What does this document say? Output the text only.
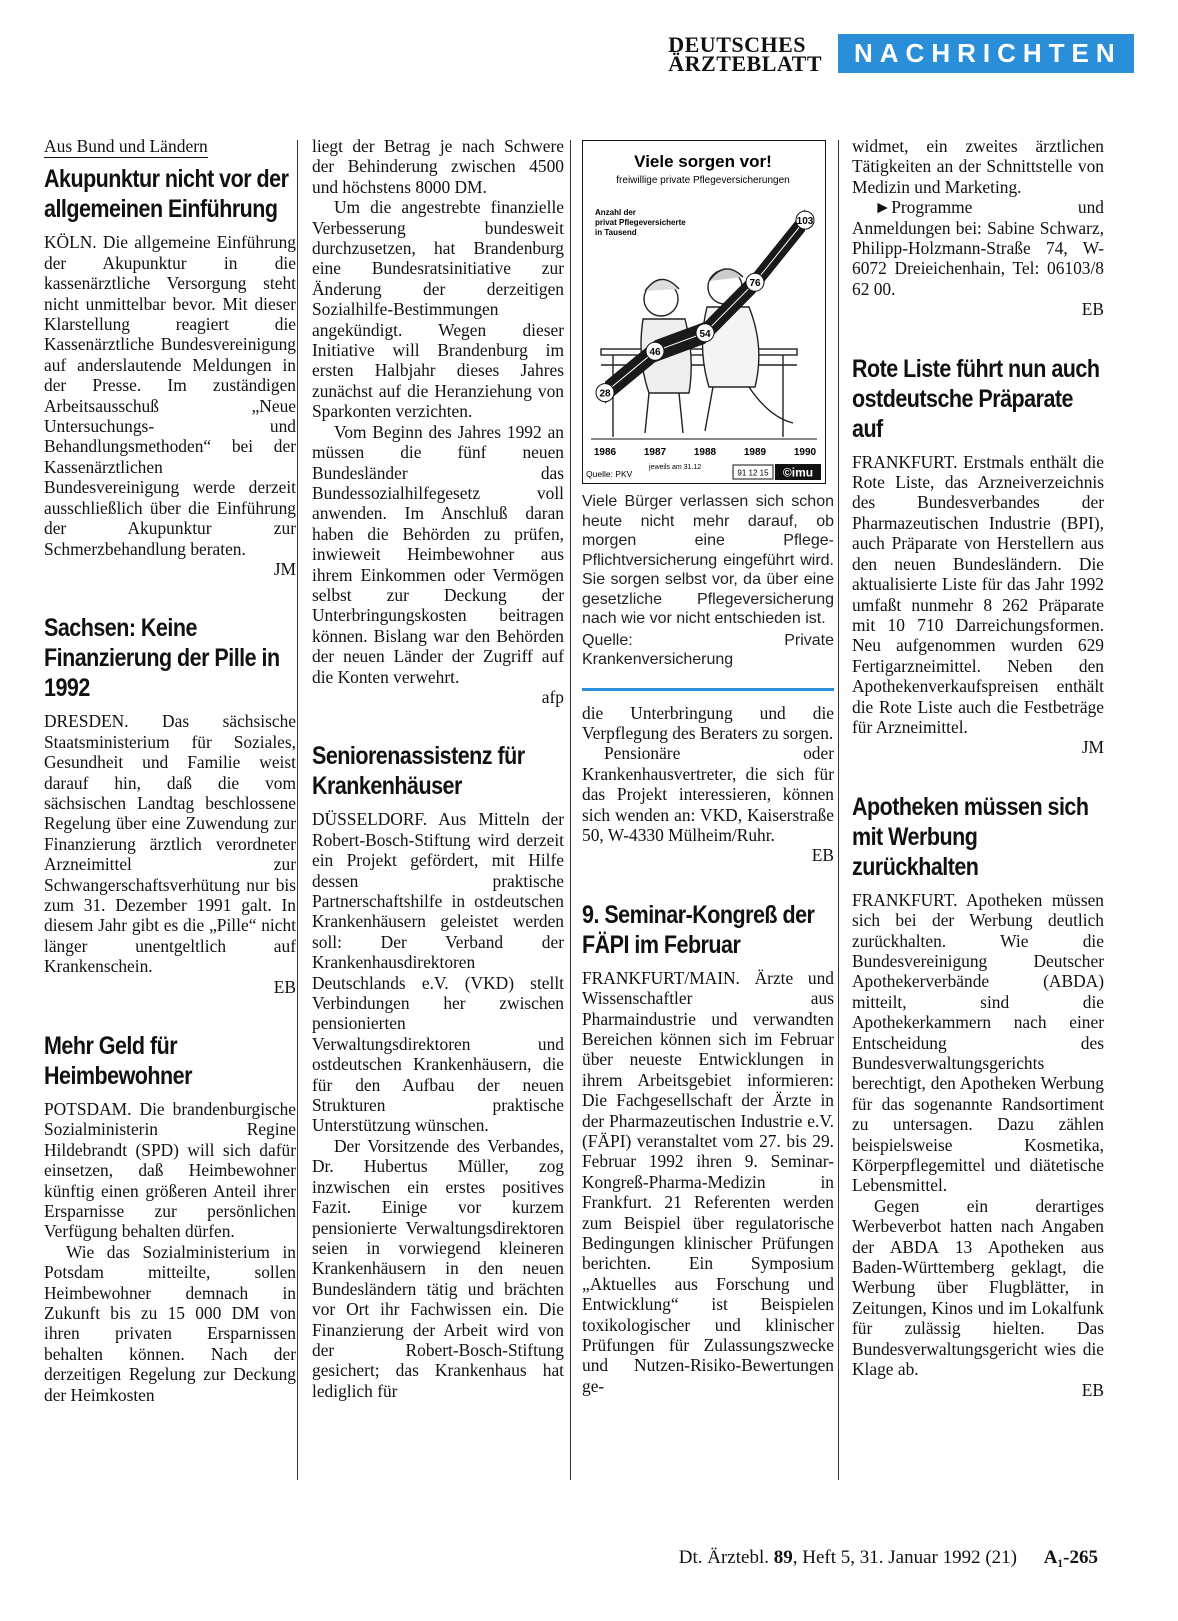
DEUTSCHES
ÄRZTEBLATT	NACHRICHTEN
Aus Bund und Ländern
Akupunktur nicht vor der allgemeinen Einführung

KÖLN. Die allgemeine Einführung der Akupunktur in die kassenärztliche Versorgung steht nicht unmittelbar bevor. Mit dieser Klarstellung reagiert die Kassenärztliche Bundesvereinigung auf anderslautende Meldungen in der Presse. Im zuständigen Arbeitsausschuß „Neue Untersuchungs- und Behandlungsmethoden“ bei der Kassenärztlichen Bundesvereinigung werde derzeit ausschließlich über die Einführung der Akupunktur zur Schmerzbehandlung beraten.

JM
Sachsen: Keine Finanzierung der Pille in 1992

DRESDEN. Das sächsische Staatsministerium für Soziales, Gesundheit und Familie weist darauf hin, daß die vom sächsischen Landtag beschlossene Regelung über eine Zuwendung zur Finanzierung ärztlich verordneter Arzneimittel zur Schwangerschaftsverhütung nur bis zum 31. Dezember 1991 galt. In diesem Jahr gibt es die „Pille“ nicht länger unentgeltlich auf Krankenschein.

EB
Mehr Geld für Heimbewohner

POTSDAM. Die brandenburgische Sozialministerin Regine Hildebrandt (SPD) will sich dafür einsetzen, daß Heimbewohner künftig einen größeren Anteil ihrer Ersparnisse zur persönlichen Verfügung behalten dürfen.

Wie das Sozialministerium in Potsdam mitteilte, sollen Heimbewohner demnach in Zukunft bis zu 15 000 DM von ihren privaten Ersparnissen behalten können. Nach der derzeitigen Regelung zur Deckung der Heimkosten

liegt der Betrag je nach Schwere der Behinderung zwischen 4500 und höchstens 8000 DM.

Um die angestrebte finanzielle Verbesserung bundesweit durchzusetzen, hat Brandenburg eine Bundesratsinitiative zur Änderung der derzeitigen Sozialhilfe-Bestimmungen angekündigt. Wegen dieser Initiative will Brandenburg im ersten Halbjahr dieses Jahres zunächst auf die Heranziehung von Sparkonten verzichten.

Vom Beginn des Jahres 1992 an müssen die fünf neuen Bundesländer das Bundessozialhilfegesetz voll anwenden. Im Anschluß daran haben die Behörden zu prüfen, inwieweit Heimbewohner aus ihrem Einkommen oder Vermögen selbst zur Deckung der Unterbringungskosten beitragen können. Bislang war den Behörden der neuen Länder der Zugriff auf die Konten verwehrt.

afp
Seniorenassistenz für Krankenhäuser

DÜSSELDORF. Aus Mitteln der Robert-Bosch-Stiftung wird derzeit ein Projekt gefördert, mit Hilfe dessen praktische Partnerschaftshilfe in ostdeutschen Krankenhäusern geleistet werden soll: Der Verband der Krankenhausdirektoren Deutschlands e.V. (VKD) stellt Verbindungen her zwischen pensionierten Verwaltungsdirektoren und ostdeutschen Krankenhäusern, die für den Aufbau der neuen Strukturen praktische Unterstützung wünschen.

Der Vorsitzende des Verbandes, Dr. Hubertus Müller, zog inzwischen ein erstes positives Fazit. Einige vor kurzem pensionierte Verwaltungsdirektoren seien in vorwiegend kleineren Krankenhäusern in den neuen Bundesländern tätig und brächten vor Ort ihr Fachwissen ein. Die Finanzierung der Arbeit wird von der Robert-Bosch-Stiftung gesichert; das Krankenhaus hat lediglich für

Viele sorgen vor!
freiwillige private Pflegeversicherungen
Anzahl der privat Pflegeversicherte in Tausend
28
46
54
76
103
1986	1987	1988	1989	1990
Quelle: PKV
jeweils am 31.12
91 12 15 ©imu
Viele Bürger verlassen sich schon heute nicht mehr darauf, ob morgen eine Pflege-Pflichtversicherung eingeführt wird. Sie sorgen selbst vor, da über eine gesetzliche Pflegeversicherung nach wie vor nicht entschieden ist.
Quelle: Private Krankenversicherung

die Unterbringung und die Verpflegung des Beraters zu sorgen.

Pensionäre oder Krankenhausvertreter, die sich für das Projekt interessieren, können sich wenden an: VKD, Kaiserstraße 50, W-4330 Mülheim/Ruhr.

EB
9. Seminar-Kongreß der FÄPI im Februar

FRANKFURT/MAIN. Ärzte und Wissenschaftler aus Pharmaindustrie und verwandten Bereichen können sich im Februar über neueste Entwicklungen in ihrem Arbeitsgebiet informieren: Die Fachgesellschaft der Ärzte in der Pharmazeutischen Industrie e.V. (FÄPI) veranstaltet vom 27. bis 29. Februar 1992 ihren 9. Seminar-Kongreß-Pharma-Medizin in Frankfurt. 21 Referenten werden zum Beispiel über regulatorische Bedingungen klinischer Prüfungen berichten. Ein Symposium „Aktuelles aus Forschung und Entwicklung“ ist Beispielen toxikologischer und klinischer Prüfungen für Zulassungszwecke und Nutzen-Risiko-Bewertungen ge-

widmet, ein zweites ärztlichen Tätigkeiten an der Schnittstelle von Medizin und Marketing.

►Programme und Anmeldungen bei: Sabine Schwarz, Philipp-Holzmann-Straße 74, W-6072 Dreieichenhain, Tel: 06103/8 62 00.

EB
Rote Liste führt nun auch ostdeutsche Präparate auf

FRANKFURT. Erstmals enthält die Rote Liste, das Arzneiverzeichnis des Bundesverbandes der Pharmazeutischen Industrie (BPI), auch Präparate von Herstellern aus den neuen Bundesländern. Die aktualisierte Liste für das Jahr 1992 umfaßt nunmehr 8 262 Präparate mit 10 710 Darreichungsformen. Neu aufgenommen wurden 629 Fertigarzneimittel. Neben den Apothekenverkaufspreisen enthält die Rote Liste auch die Festbeträge für Arzneimittel.

JM
Apotheken müssen sich mit Werbung zurückhalten

FRANKFURT. Apotheken müssen sich bei der Werbung deutlich zurückhalten. Wie die Bundesvereinigung Deutscher Apothekerverbände (ABDA) mitteilt, sind die Apothekerkammern nach einer Entscheidung des Bundesverwaltungsgerichts berechtigt, den Apotheken Werbung für das sogenannte Randsortiment zu untersagen. Dazu zählen beispielsweise Kosmetika, Körperpflegemittel und diätetische Lebensmittel.

Gegen ein derartiges Werbeverbot hatten nach Angaben der ABDA 13 Apotheken aus Baden-Württemberg geklagt, die Werbung über Flugblätter, in Zeitungen, Kinos und im Lokalfunk für zulässig hielten. Das Bundesverwaltungsgericht wies die Klage ab.

EB
Dt. Ärztebl. 89, Heft 5, 31. Januar 1992 (21) A₁-265
